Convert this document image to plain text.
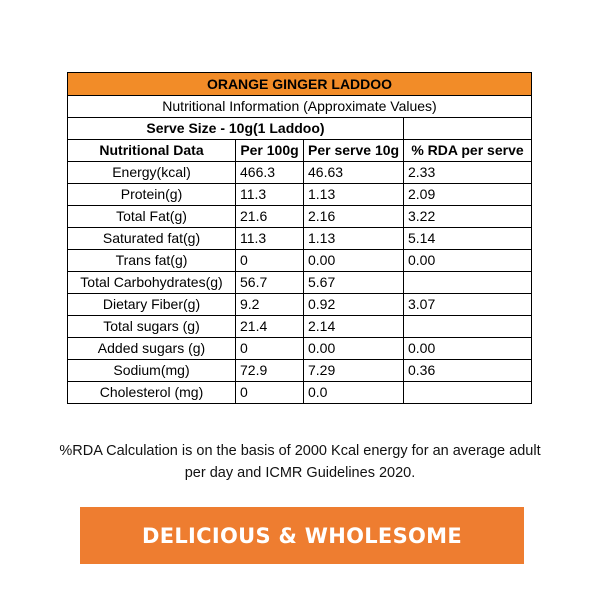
ORANGE GINGER LADDOO			
Nutritional Information (Approximate Values)			
Serve Size - 10g(1 Laddoo)			
Nutritional Data	Per 100g	Per serve 10g	% RDA per serve
Energy(kcal)	466.3	46.63	2.33
Protein(g)	11.3	1.13	2.09
Total Fat(g)	21.6	2.16	3.22
Saturated fat(g)	11.3	1.13	5.14
Trans fat(g)	0	0.00	0.00
Total Carbohydrates(g)	56.7	5.67	
Dietary Fiber(g)	9.2	0.92	3.07
Total sugars (g)	21.4	2.14	
Added sugars (g)	0	0.00	0.00
Sodium(mg)	72.9	7.29	0.36
Cholesterol (mg)	0	0.0	
%RDA Calculation is on the basis of 2000 Kcal energy for an average adult
per day and ICMR Guidelines 2020.
DELICIOUS & WHOLESOME
